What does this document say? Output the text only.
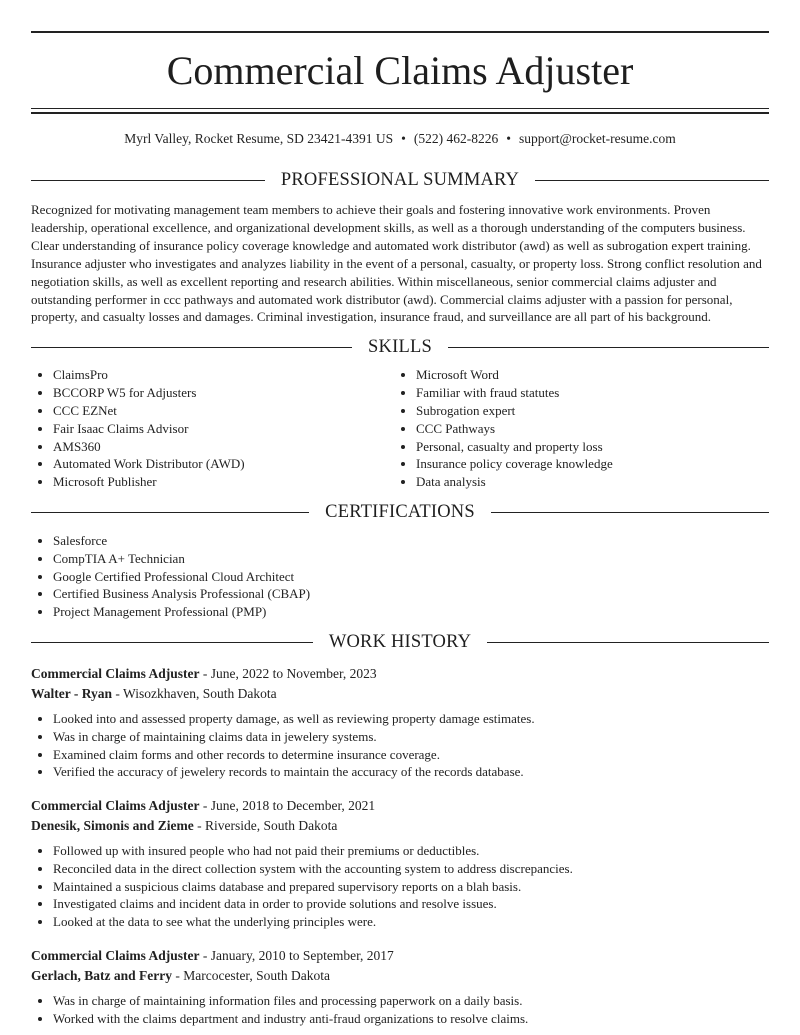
Commercial Claims Adjuster
Myrl Valley, Rocket Resume, SD 23421-4391 US • (522) 462-8226 • support@rocket-resume.com
PROFESSIONAL SUMMARY
Recognized for motivating management team members to achieve their goals and fostering innovative work environments. Proven leadership, operational excellence, and organizational development skills, as well as a thorough understanding of the computers business. Clear understanding of insurance policy coverage knowledge and automated work distributor (awd) as well as subrogation expert training. Insurance adjuster who investigates and analyzes liability in the event of a personal, casualty, or property loss. Strong conflict resolution and negotiation skills, as well as excellent reporting and research abilities. Within miscellaneous, senior commercial claims adjuster and outstanding performer in ccc pathways and automated work distributor (awd). Commercial claims adjuster with a passion for personal, property, and casualty losses and damages. Criminal investigation, insurance fraud, and surveillance are all part of his background.
SKILLS
• ClaimsPro
• BCCORP W5 for Adjusters
• CCC EZNet
• Fair Isaac Claims Advisor
• AMS360
• Automated Work Distributor (AWD)
• Microsoft Publisher
• Microsoft Word
• Familiar with fraud statutes
• Subrogation expert
• CCC Pathways
• Personal, casualty and property loss
• Insurance policy coverage knowledge
• Data analysis
CERTIFICATIONS
• Salesforce
• CompTIA A+ Technician
• Google Certified Professional Cloud Architect
• Certified Business Analysis Professional (CBAP)
• Project Management Professional (PMP)
WORK HISTORY
Commercial Claims Adjuster - June, 2022 to November, 2023
Walter - Ryan - Wisozkhaven, South Dakota
• Looked into and assessed property damage, as well as reviewing property damage estimates.
• Was in charge of maintaining claims data in jewelery systems.
• Examined claim forms and other records to determine insurance coverage.
• Verified the accuracy of jewelery records to maintain the accuracy of the records database.
Commercial Claims Adjuster - June, 2018 to December, 2021
Denesik, Simonis and Zieme - Riverside, South Dakota
• Followed up with insured people who had not paid their premiums or deductibles.
• Reconciled data in the direct collection system with the accounting system to address discrepancies.
• Maintained a suspicious claims database and prepared supervisory reports on a blah basis.
• Investigated claims and incident data in order to provide solutions and resolve issues.
• Looked at the data to see what the underlying principles were.
Commercial Claims Adjuster - January, 2010 to September, 2017
Gerlach, Batz and Ferry - Marcocester, South Dakota
• Was in charge of maintaining information files and processing paperwork on a daily basis.
• Worked with the claims department and industry anti-fraud organizations to resolve claims.
